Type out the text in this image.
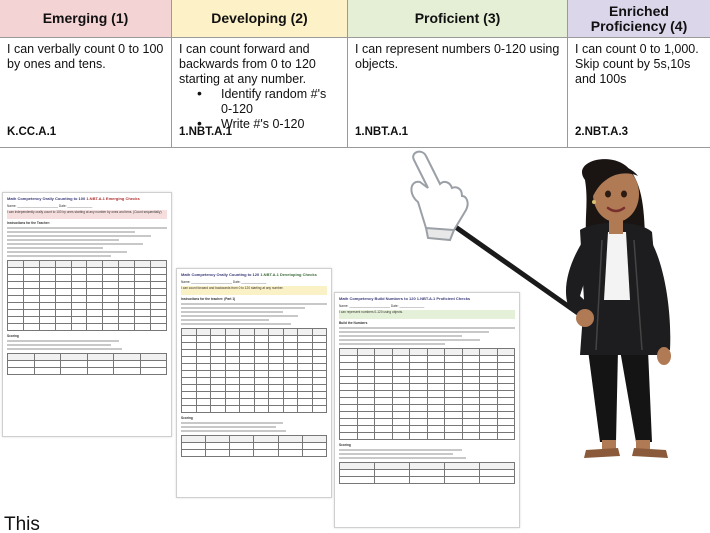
Emerging (1)
I can verbally count 0 to 100 by ones and tens.
K.CC.A.1
Developing (2)
I can count forward and backwards from 0 to 120 starting at any number.
• Identify random #'s 0-120
• Write #'s 0-120
1.NBT.A.1
Proficient (3)
I can represent numbers 0-120 using objects.
1.NBT.A.1
Enriched Proficiency (4)
I can count 0 to 1,000. Skip count by 5s,10s and 100s
2.NBT.A.3
Math Competency Orally Counting to 100 1.NBT.A.1 Emerging Checks
Name: _______________________ Date: ______________
I can independently orally count to 100 by ones starting at any number by ones and tens. (Count sequentially)
Instructions for the Teacher:
Scoring
Math Competency Orally Counting to 120 1.NBT.A.1 Developing Checks
Name: _______________________ Date: ______________
I can count forward and backwards from 0 to 120 starting at any number.
Instructions for the teacher: (Part 1)
Scoring
Math Competency Build Numbers to 120 1.NBT.A.1 Proficient Checks
Name: _______________________ Date: ______________
I can represent numbers 0-120 using objects.
Build the Numbers
Scoring
This
